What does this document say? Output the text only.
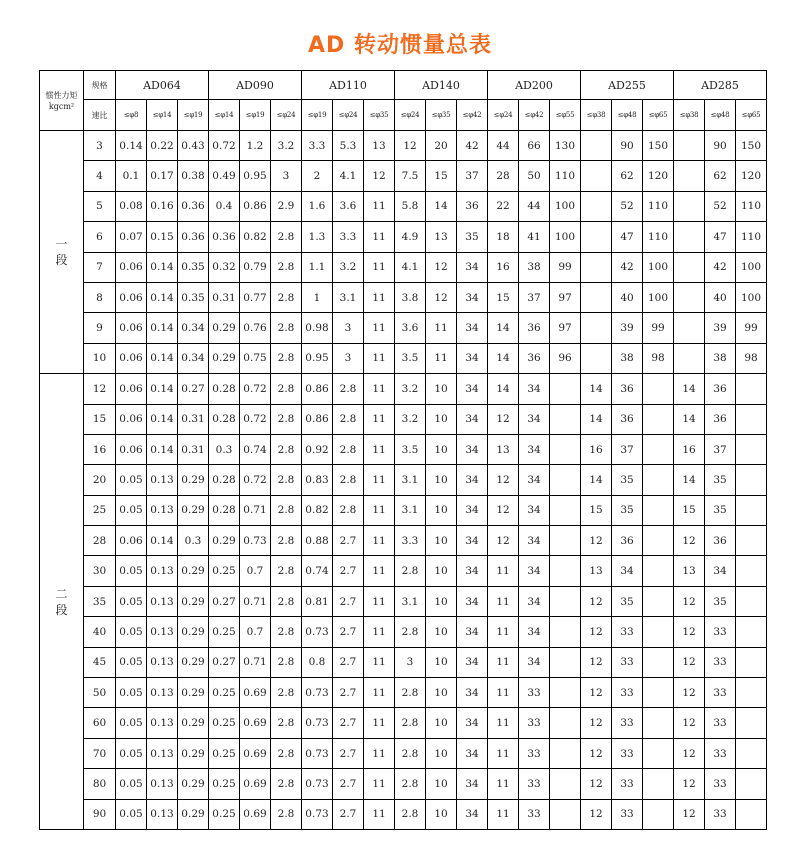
AD 转动惯量总表
惯性力矩
kgcm²	规格	AD064			AD090			AD110			AD140			AD200			AD255			AD285		
	速比	≤φ8	≤φ14	≤φ19	≤φ14	≤φ19	≤φ24	≤φ19	≤φ24	≤φ35	≤φ24	≤φ35	≤φ42	≤φ24	≤φ42	≤φ55	≤φ38	≤φ48	≤φ65	≤φ38	≤φ48	≤φ65
一
段	3	0.14	0.22	0.43	0.72	1.2	3.2	3.3	5.3	13	12	20	42	44	66	130		90	150		90	150
	4	0.1	0.17	0.38	0.49	0.95	3	2	4.1	12	7.5	15	37	28	50	110		62	120		62	120
	5	0.08	0.16	0.36	0.4	0.86	2.9	1.6	3.6	11	5.8	14	36	22	44	100		52	110		52	110
	6	0.07	0.15	0.36	0.36	0.82	2.8	1.3	3.3	11	4.9	13	35	18	41	100		47	110		47	110
	7	0.06	0.14	0.35	0.32	0.79	2.8	1.1	3.2	11	4.1	12	34	16	38	99		42	100		42	100
	8	0.06	0.14	0.35	0.31	0.77	2.8	1	3.1	11	3.8	12	34	15	37	97		40	100		40	100
	9	0.06	0.14	0.34	0.29	0.76	2.8	0.98	3	11	3.6	11	34	14	36	97		39	99		39	99
	10	0.06	0.14	0.34	0.29	0.75	2.8	0.95	3	11	3.5	11	34	14	36	96		38	98		38	98
二
段	12	0.06	0.14	0.27	0.28	0.72	2.8	0.86	2.8	11	3.2	10	34	14	34		14	36		14	36	
	15	0.06	0.14	0.31	0.28	0.72	2.8	0.86	2.8	11	3.2	10	34	12	34		14	36		14	36	
	16	0.06	0.14	0.31	0.3	0.74	2.8	0.92	2.8	11	3.5	10	34	13	34		16	37		16	37	
	20	0.05	0.13	0.29	0.28	0.72	2.8	0.83	2.8	11	3.1	10	34	12	34		14	35		14	35	
	25	0.05	0.13	0.29	0.28	0.71	2.8	0.82	2.8	11	3.1	10	34	12	34		15	35		15	35	
	28	0.06	0.14	0.3	0.29	0.73	2.8	0.88	2.7	11	3.3	10	34	12	34		12	36		12	36	
	30	0.05	0.13	0.29	0.25	0.7	2.8	0.74	2.7	11	2.8	10	34	11	34		13	34		13	34	
	35	0.05	0.13	0.29	0.27	0.71	2.8	0.81	2.7	11	3.1	10	34	11	34		12	35		12	35	
	40	0.05	0.13	0.29	0.25	0.7	2.8	0.73	2.7	11	2.8	10	34	11	34		12	33		12	33	
	45	0.05	0.13	0.29	0.27	0.71	2.8	0.8	2.7	11	3	10	34	11	34		12	33		12	33	
	50	0.05	0.13	0.29	0.25	0.69	2.8	0.73	2.7	11	2.8	10	34	11	33		12	33		12	33	
	60	0.05	0.13	0.29	0.25	0.69	2.8	0.73	2.7	11	2.8	10	34	11	33		12	33		12	33	
	70	0.05	0.13	0.29	0.25	0.69	2.8	0.73	2.7	11	2.8	10	34	11	33		12	33		12	33	
	80	0.05	0.13	0.29	0.25	0.69	2.8	0.73	2.7	11	2.8	10	34	11	33		12	33		12	33	
	90	0.05	0.13	0.29	0.25	0.69	2.8	0.73	2.7	11	2.8	10	34	11	33		12	33		12	33	
